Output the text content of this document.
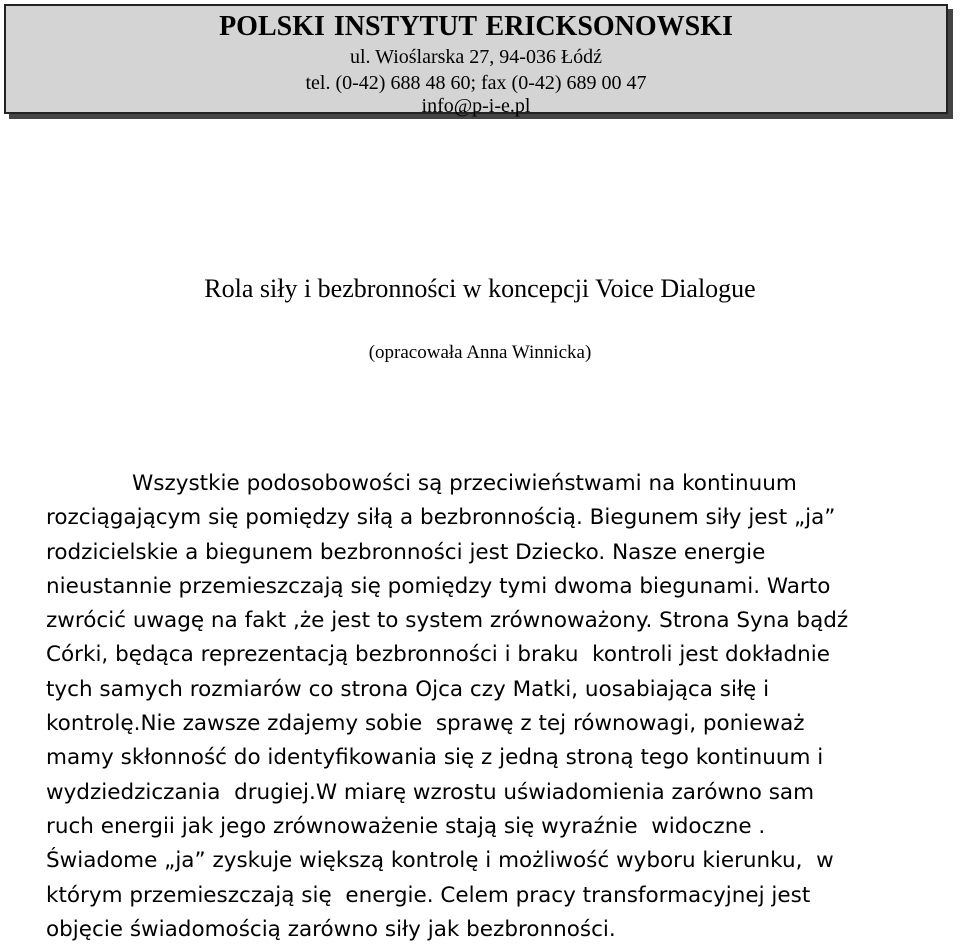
POLSKI INSTYTUT ERICKSONOWSKI
ul. Wioślarska 27, 94-036 Łódź
tel. (0-42) 688 48 60; fax (0-42) 689 00 47
info@p-i-e.pl
Rola siły i bezbronności w koncepcji Voice Dialogue
(opracowała Anna Winnicka)
Wszystkie podosobowości są przeciwieństwami na kontinuum
rozciągającym się pomiędzy siłą a bezbronnością. Biegunem siły jest „ja”
rodzicielskie a biegunem bezbronności jest Dziecko. Nasze energie
nieustannie przemieszczają się pomiędzy tymi dwoma biegunami. Warto
zwrócić uwagę na fakt ,że jest to system zrównoważony. Strona Syna bądź
Córki, będąca reprezentacją bezbronności i braku  kontroli jest dokładnie
tych samych rozmiarów co strona Ojca czy Matki, uosabiająca siłę i
kontrolę.Nie zawsze zdajemy sobie  sprawę z tej równowagi, ponieważ
mamy skłonność do identyfikowania się z jedną stroną tego kontinuum i
wydziedziczania  drugiej.W miarę wzrostu uświadomienia zarówno sam
ruch energii jak jego zrównoważenie stają się wyraźnie  widoczne .
Świadome „ja” zyskuje większą kontrolę i możliwość wyboru kierunku,  w
którym przemieszczają się  energie. Celem pracy transformacyjnej jest
objęcie świadomością zarówno siły jak bezbronności.
